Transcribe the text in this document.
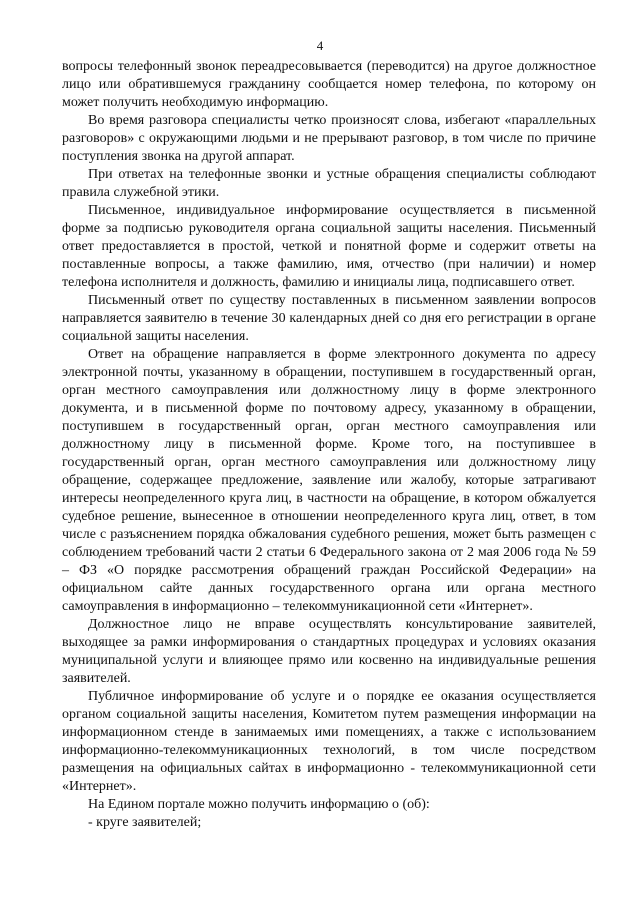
4

вопросы телефонный звонок переадресовывается (переводится) на другое должностное лицо или обратившемуся гражданину сообщается номер телефона, по которому он может получить необходимую информацию.

Во время разговора специалисты четко произносят слова, избегают «параллельных разговоров» с окружающими людьми и не прерывают разговор, в том числе по причине поступления звонка на другой аппарат.

При ответах на телефонные звонки и устные обращения специалисты соблюдают правила служебной этики.

Письменное, индивидуальное информирование осуществляется в письменной форме за подписью руководителя органа социальной защиты населения. Письменный ответ предоставляется в простой, четкой и понятной форме и содержит ответы на поставленные вопросы, а также фамилию, имя, отчество (при наличии) и номер телефона исполнителя и должность, фамилию и инициалы лица, подписавшего ответ.

Письменный ответ по существу поставленных в письменном заявлении вопросов направляется заявителю в течение 30 календарных дней со дня его регистрации в органе социальной защиты населения.

Ответ на обращение направляется в форме электронного документа по адресу электронной почты, указанному в обращении, поступившем в государственный орган, орган местного самоуправления или должностному лицу в форме электронного документа, и в письменной форме по почтовому адресу, указанному в обращении, поступившем в государственный орган, орган местного самоуправления или должностному лицу в письменной форме. Кроме того, на поступившее в государственный орган, орган местного самоуправления или должностному лицу обращение, содержащее предложение, заявление или жалобу, которые затрагивают интересы неопределенного круга лиц, в частности на обращение, в котором обжалуется судебное решение, вынесенное в отношении неопределенного круга лиц, ответ, в том числе с разъяснением порядка обжалования судебного решения, может быть размещен с соблюдением требований части 2 статьи 6 Федерального закона от 2 мая 2006 года № 59 – ФЗ «О порядке рассмотрения обращений граждан Российской Федерации» на официальном сайте данных государственного органа или органа местного самоуправления в информационно – телекоммуникационной сети «Интернет».

Должностное лицо не вправе осуществлять консультирование заявителей, выходящее за рамки информирования о стандартных процедурах и условиях оказания муниципальной услуги и влияющее прямо или косвенно на индивидуальные решения заявителей.

Публичное информирование об услуге и о порядке ее оказания осуществляется органом социальной защиты населения, Комитетом путем размещения информации на информационном стенде в занимаемых ими помещениях, а также с использованием информационно-телекоммуникационных технологий, в том числе посредством размещения на официальных сайтах в информационно - телекоммуникационной сети «Интернет».

На Едином портале можно получить информацию о (об):

- круге заявителей;
